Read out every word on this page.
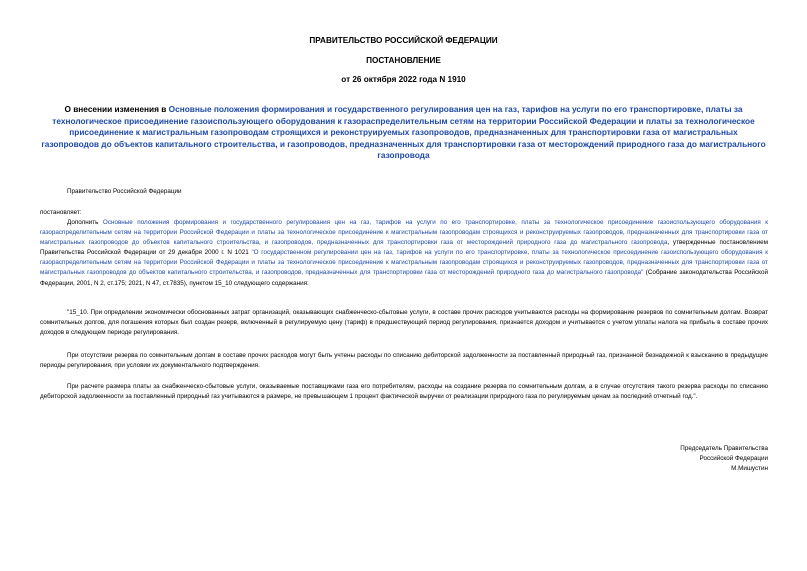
ПРАВИТЕЛЬСТВО РОССИЙСКОЙ ФЕДЕРАЦИИ
ПОСТАНОВЛЕНИЕ
от 26 октября 2022 года N 1910
О внесении изменения в Основные положения формирования и государственного регулирования цен на газ, тарифов на услуги по его транспортировке, платы за технологическое присоединение газоиспользующего оборудования к газораспределительным сетям на территории Российской Федерации и платы за технологическое присоединение к магистральным газопроводам строящихся и реконструируемых газопроводов, предназначенных для транспортировки газа от магистральных газопроводов до объектов капитального строительства, и газопроводов, предназначенных для транспортировки газа от месторождений природного газа до магистрального газопровода
Правительство Российской Федерации
постановляет:
Дополнить Основные положения формирования и государственного регулирования цен на газ, тарифов на услуги по его транспортировке, платы за технологическое присоединение газоиспользующего оборудования к газораспределительным сетям на территории Российской Федерации и платы за технологическое присоединение к магистральным газопроводам строящихся и реконструируемых газопроводов, предназначенных для транспортировки газа от магистральных газопроводов до объектов капитального строительства, и газопроводов, предназначенных для транспортировки газа от месторождений природного газа до магистрального газопровода, утвержденные постановлением Правительства Российской Федерации от 29 декабря 2000 г. N 1021 "О государственном регулировании цен на газ, тарифов на услуги по его транспортировке, платы за технологическое присоединение газоиспользующего оборудования к газораспределительным сетям на территории Российской Федерации и платы за технологическое присоединение к магистральным газопроводам строящихся и реконструируемых газопроводов, предназначенных для транспортировки газа от магистральных газопроводов до объектов капитального строительства, и газопроводов, предназначенных для транспортировки газа от месторождений природного газа до магистрального газопровода" (Собрание законодательства Российской Федерации, 2001, N 2, ст.175; 2021, N 47, ст.7835), пунктом 15_10 следующего содержания:
"15_10. При определении экономически обоснованных затрат организаций, оказывающих снабженческо-сбытовые услуги, в составе прочих расходов учитываются расходы на формирование резервов по сомнительным долгам. Возврат сомнительных долгов, для погашения которых был создан резерв, включенный в регулируемую цену (тариф) в предшествующий период регулирования, признается доходом и учитывается с учетом уплаты налога на прибыль в составе прочих доходов в следующем периоде регулирования.
При отсутствии резерва по сомнительным долгам в составе прочих расходов могут быть учтены расходы по списанию дебиторской задолженности за поставленный природный газ, признанной безнадежной к взысканию в предыдущие периоды регулирования, при условии их документального подтверждения.
При расчете размера платы за снабженческо-сбытовые услуги, оказываемые поставщиками газа его потребителям, расходы на создание резерва по сомнительным долгам, а в случае отсутствия такого резерва расходы по списанию дебиторской задолженности за поставленный природный газ учитываются в размере, не превышающем 1 процент фактической выручки от реализации природного газа по регулируемым ценам за последний отчетный год.".
Председатель Правительства
Российской Федерации
М.Мишустин
